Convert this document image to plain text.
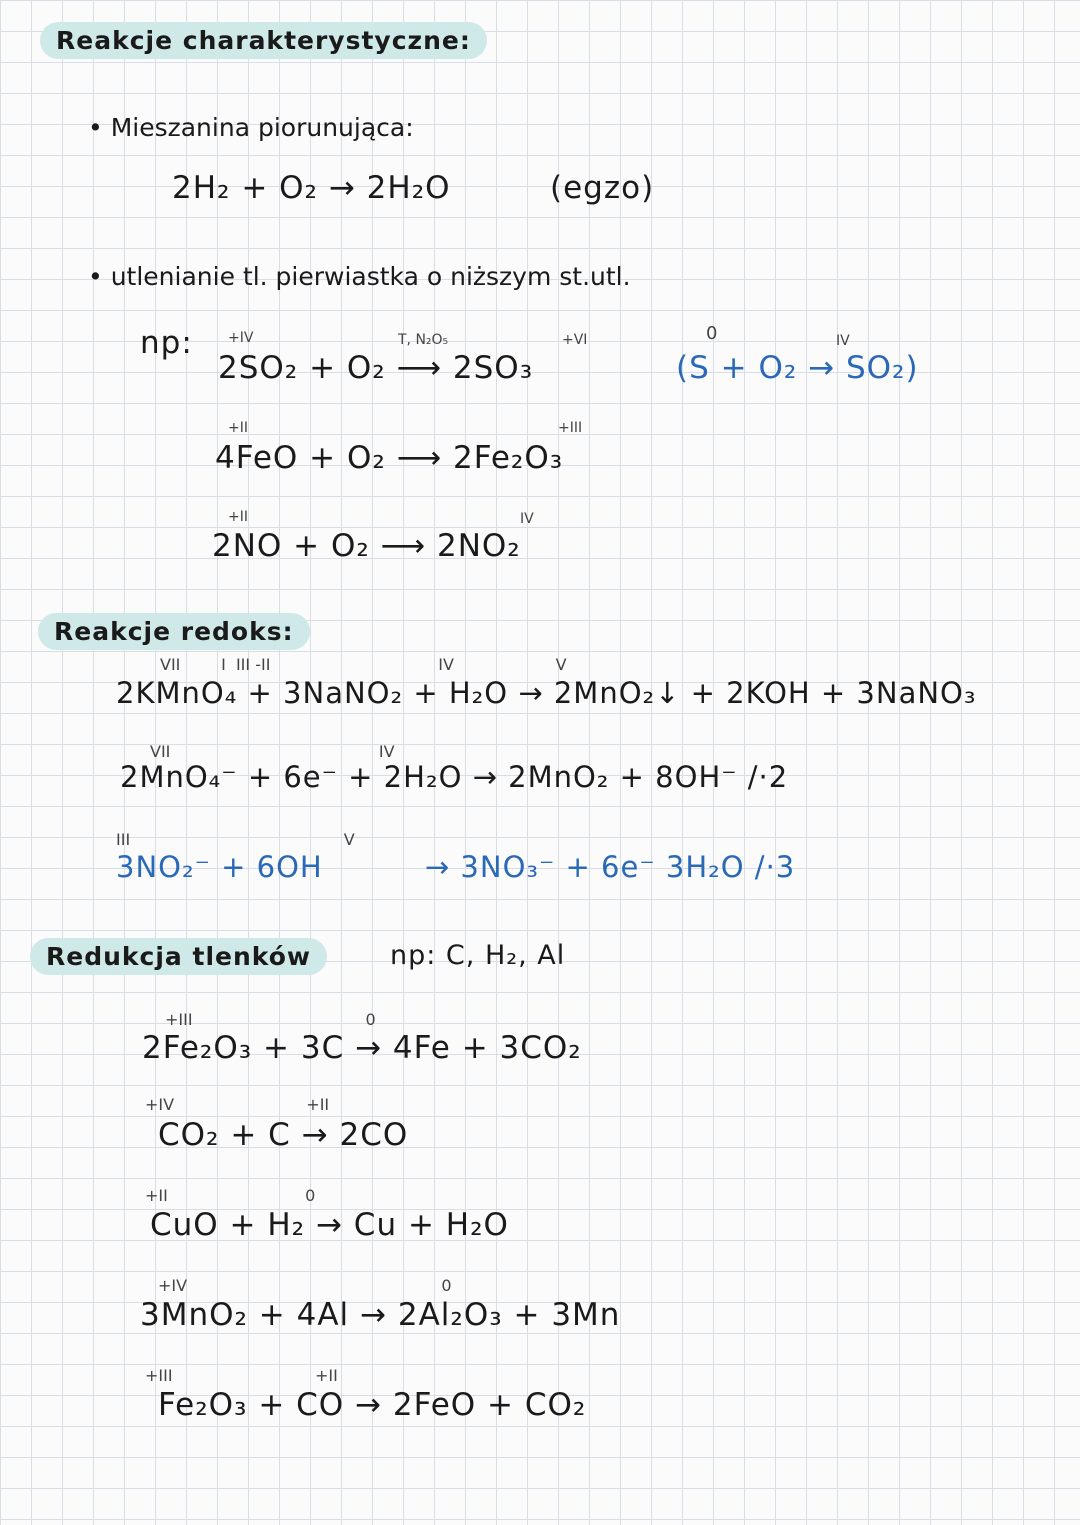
Reakcje charakterystyczne:
• Mieszanina piorunująca:
2H₂ + O₂ → 2H₂O	(egzo)
• utlenianie tl. pierwiastka o niższym st.utl.
np:	+IV	T, N₂O₅	+VI
2SO₂ + O₂ ⟶ 2SO₃
0	IV
(S + O₂ → SO₂)
+II	+III
4FeO + O₂ ⟶ 2Fe₂O₃
+II	IV
2NO + O₂ ⟶ 2NO₂
Reakcje redoks:
VII        I  III -II                                 IV                    V
2KMnO₄ + 3NaNO₂ + H₂O → 2MnO₂↓ + 2KOH + 3NaNO₃
VII                                         IV
2MnO₄⁻ + 6e⁻ + 2H₂O → 2MnO₂ + 8OH⁻ /·2
III                                          V
3NO₂⁻ + 6OH          → 3NO₃⁻ + 6e⁻ 3H₂O /·3
Redukcja tlenków	np: C, H₂, Al
+III                                  0
2Fe₂O₃ + 3C → 4Fe + 3CO₂
+IV                          +II
CO₂ + C → 2CO
+II                           0
CuO + H₂ → Cu + H₂O
+IV                                                  0
3MnO₂ + 4Al → 2Al₂O₃ + 3Mn
+III                            +II
Fe₂O₃ + CO → 2FeO + CO₂
